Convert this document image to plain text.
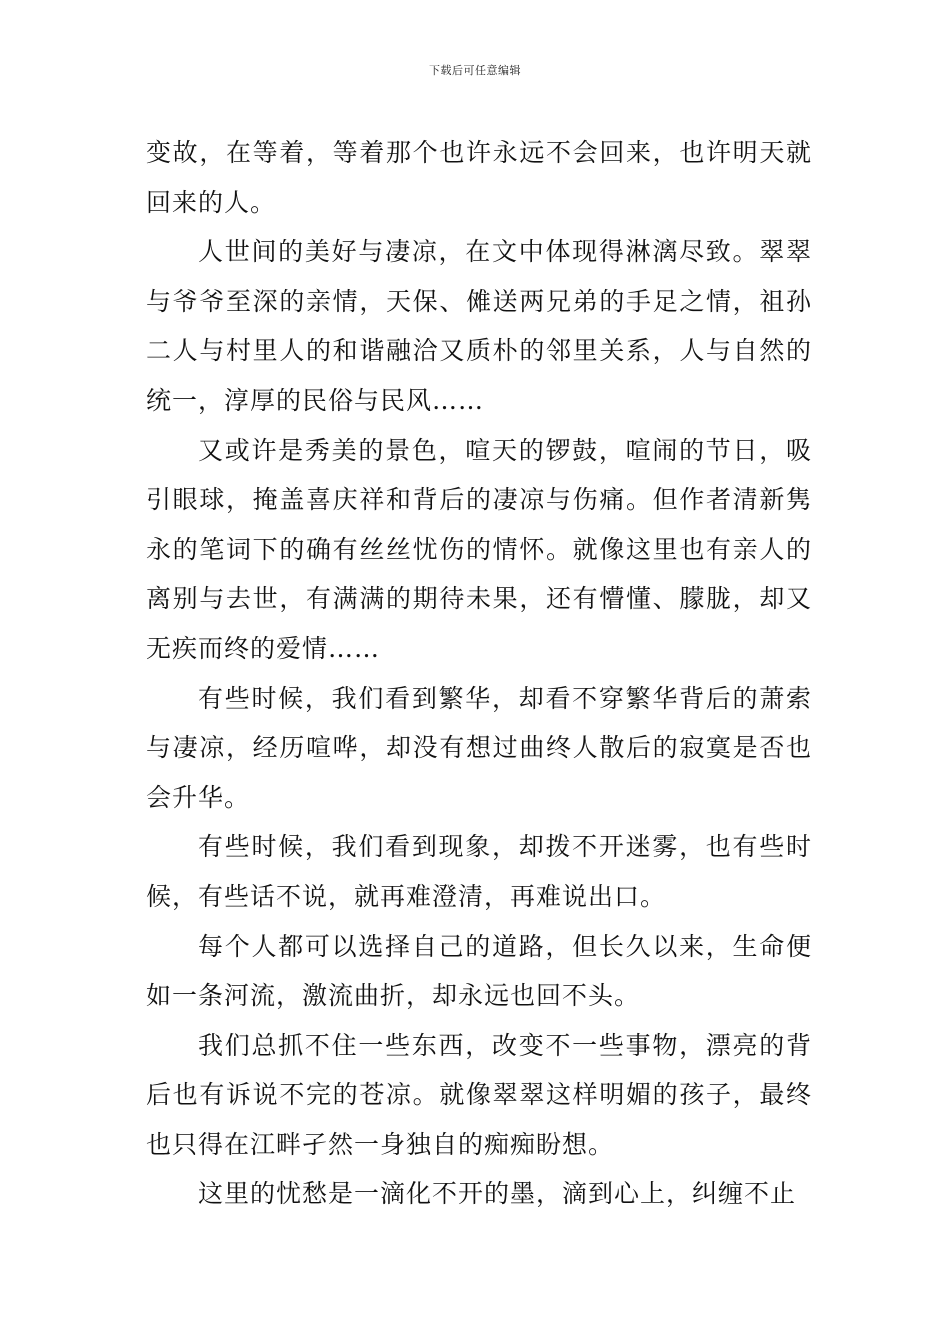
下载后可任意编辑

变故，在等着，等着那个也许永远不会回来，也许明天就回来的人。

人世间的美好与凄凉，在文中体现得淋漓尽致。翠翠与爷爷至深的亲情，天保、傩送两兄弟的手足之情，祖孙二人与村里人的和谐融洽又质朴的邻里关系，人与自然的统一，淳厚的民俗与民风……

又或许是秀美的景色，喧天的锣鼓，喧闹的节日，吸引眼球，掩盖喜庆祥和背后的凄凉与伤痛。但作者清新隽永的笔词下的确有丝丝忧伤的情怀。就像这里也有亲人的离别与去世，有满满的期待未果，还有懵懂、朦胧，却又无疾而终的爱情……

有些时候，我们看到繁华，却看不穿繁华背后的萧索与凄凉，经历喧哗，却没有想过曲终人散后的寂寞是否也会升华。

有些时候，我们看到现象，却拨不开迷雾，也有些时候，有些话不说，就再难澄清，再难说出口。

每个人都可以选择自己的道路，但长久以来，生命便如一条河流，激流曲折，却永远也回不头。

我们总抓不住一些东西，改变不一些事物，漂亮的背后也有诉说不完的苍凉。就像翠翠这样明媚的孩子，最终也只得在江畔孑然一身独自的痴痴盼想。

这里的忧愁是一滴化不开的墨，滴到心上，纠缠不止
